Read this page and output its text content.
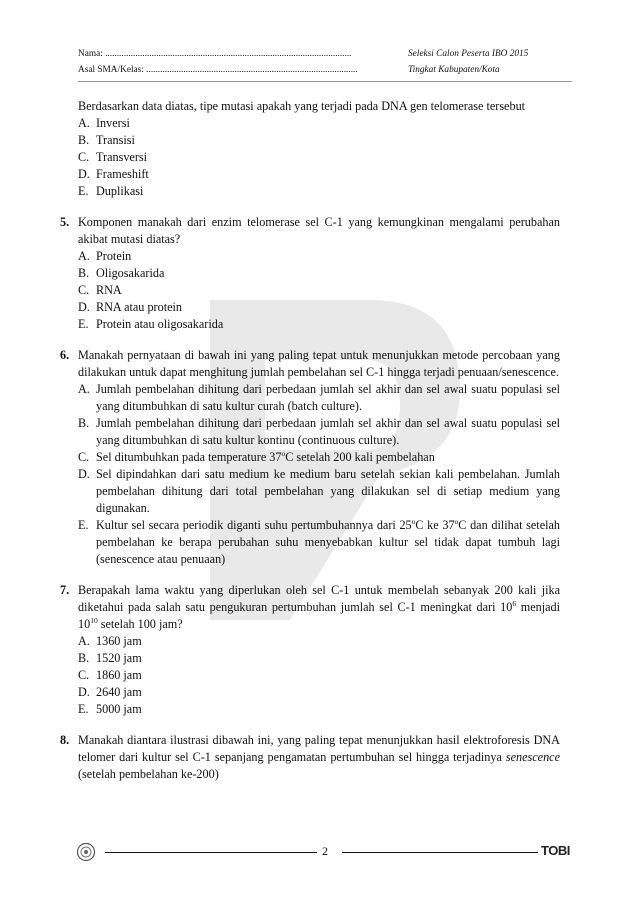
Nama: ..........................................................................................................	Seleksi Calon Peserta IBO 2015
Asal SMA/Kelas: ...........................................................................................	Tingkat Kabupaten/Kota
Berdasarkan data diatas, tipe mutasi apakah yang terjadi pada DNA gen telomerase tersebut
A. Inversi
B. Transisi
C. Transversi
D. Frameshift
E. Duplikasi
5. Komponen manakah dari enzim telomerase sel C-1 yang kemungkinan mengalami perubahan akibat mutasi diatas?
A. Protein
B. Oligosakarida
C. RNA
D. RNA atau protein
E. Protein atau oligosakarida
6. Manakah pernyataan di bawah ini yang paling tepat untuk menunjukkan metode percobaan yang dilakukan untuk dapat menghitung jumlah pembelahan sel C-1 hingga terjadi penuaan/senescence.
A. Jumlah pembelahan dihitung dari perbedaan jumlah sel akhir dan sel awal suatu populasi sel yang ditumbuhkan di satu kultur curah (batch culture).
B. Jumlah pembelahan dihitung dari perbedaan jumlah sel akhir dan sel awal suatu populasi sel yang ditumbuhkan di satu kultur kontinu (continuous culture).
C. Sel ditumbuhkan pada temperature 37$^o$C setelah 200 kali pembelahan
D. Sel dipindahkan dari satu medium ke medium baru setelah sekian kali pembelahan. Jumlah pembelahan dihitung dari total pembelahan yang dilakukan sel di setiap medium yang digunakan.
E. Kultur sel secara periodik diganti suhu pertumbuhannya dari 25$^o$C ke 37$^o$C dan dilihat setelah pembelahan ke berapa perubahan suhu menyebabkan kultur sel tidak dapat tumbuh lagi (senescence atau penuaan)
7. Berapakah lama waktu yang diperlukan oleh sel C-1 untuk membelah sebanyak 200 kali jika diketahui pada salah satu pengukuran pertumbuhan jumlah sel C-1 meningkat dari $10^6$ menjadi $10^{10}$ setelah 100 jam?
A. 1360 jam
B. 1520 jam
C. 1860 jam
D. 2640 jam
E. 5000 jam
8. Manakah diantara ilustrasi dibawah ini, yang paling tepat menunjukkan hasil elektroforesis DNA telomer dari kultur sel C-1 sepanjang pengamatan pertumbuhan sel hingga terjadinya senescence (setelah pembelahan ke-200)
2	TOBI
